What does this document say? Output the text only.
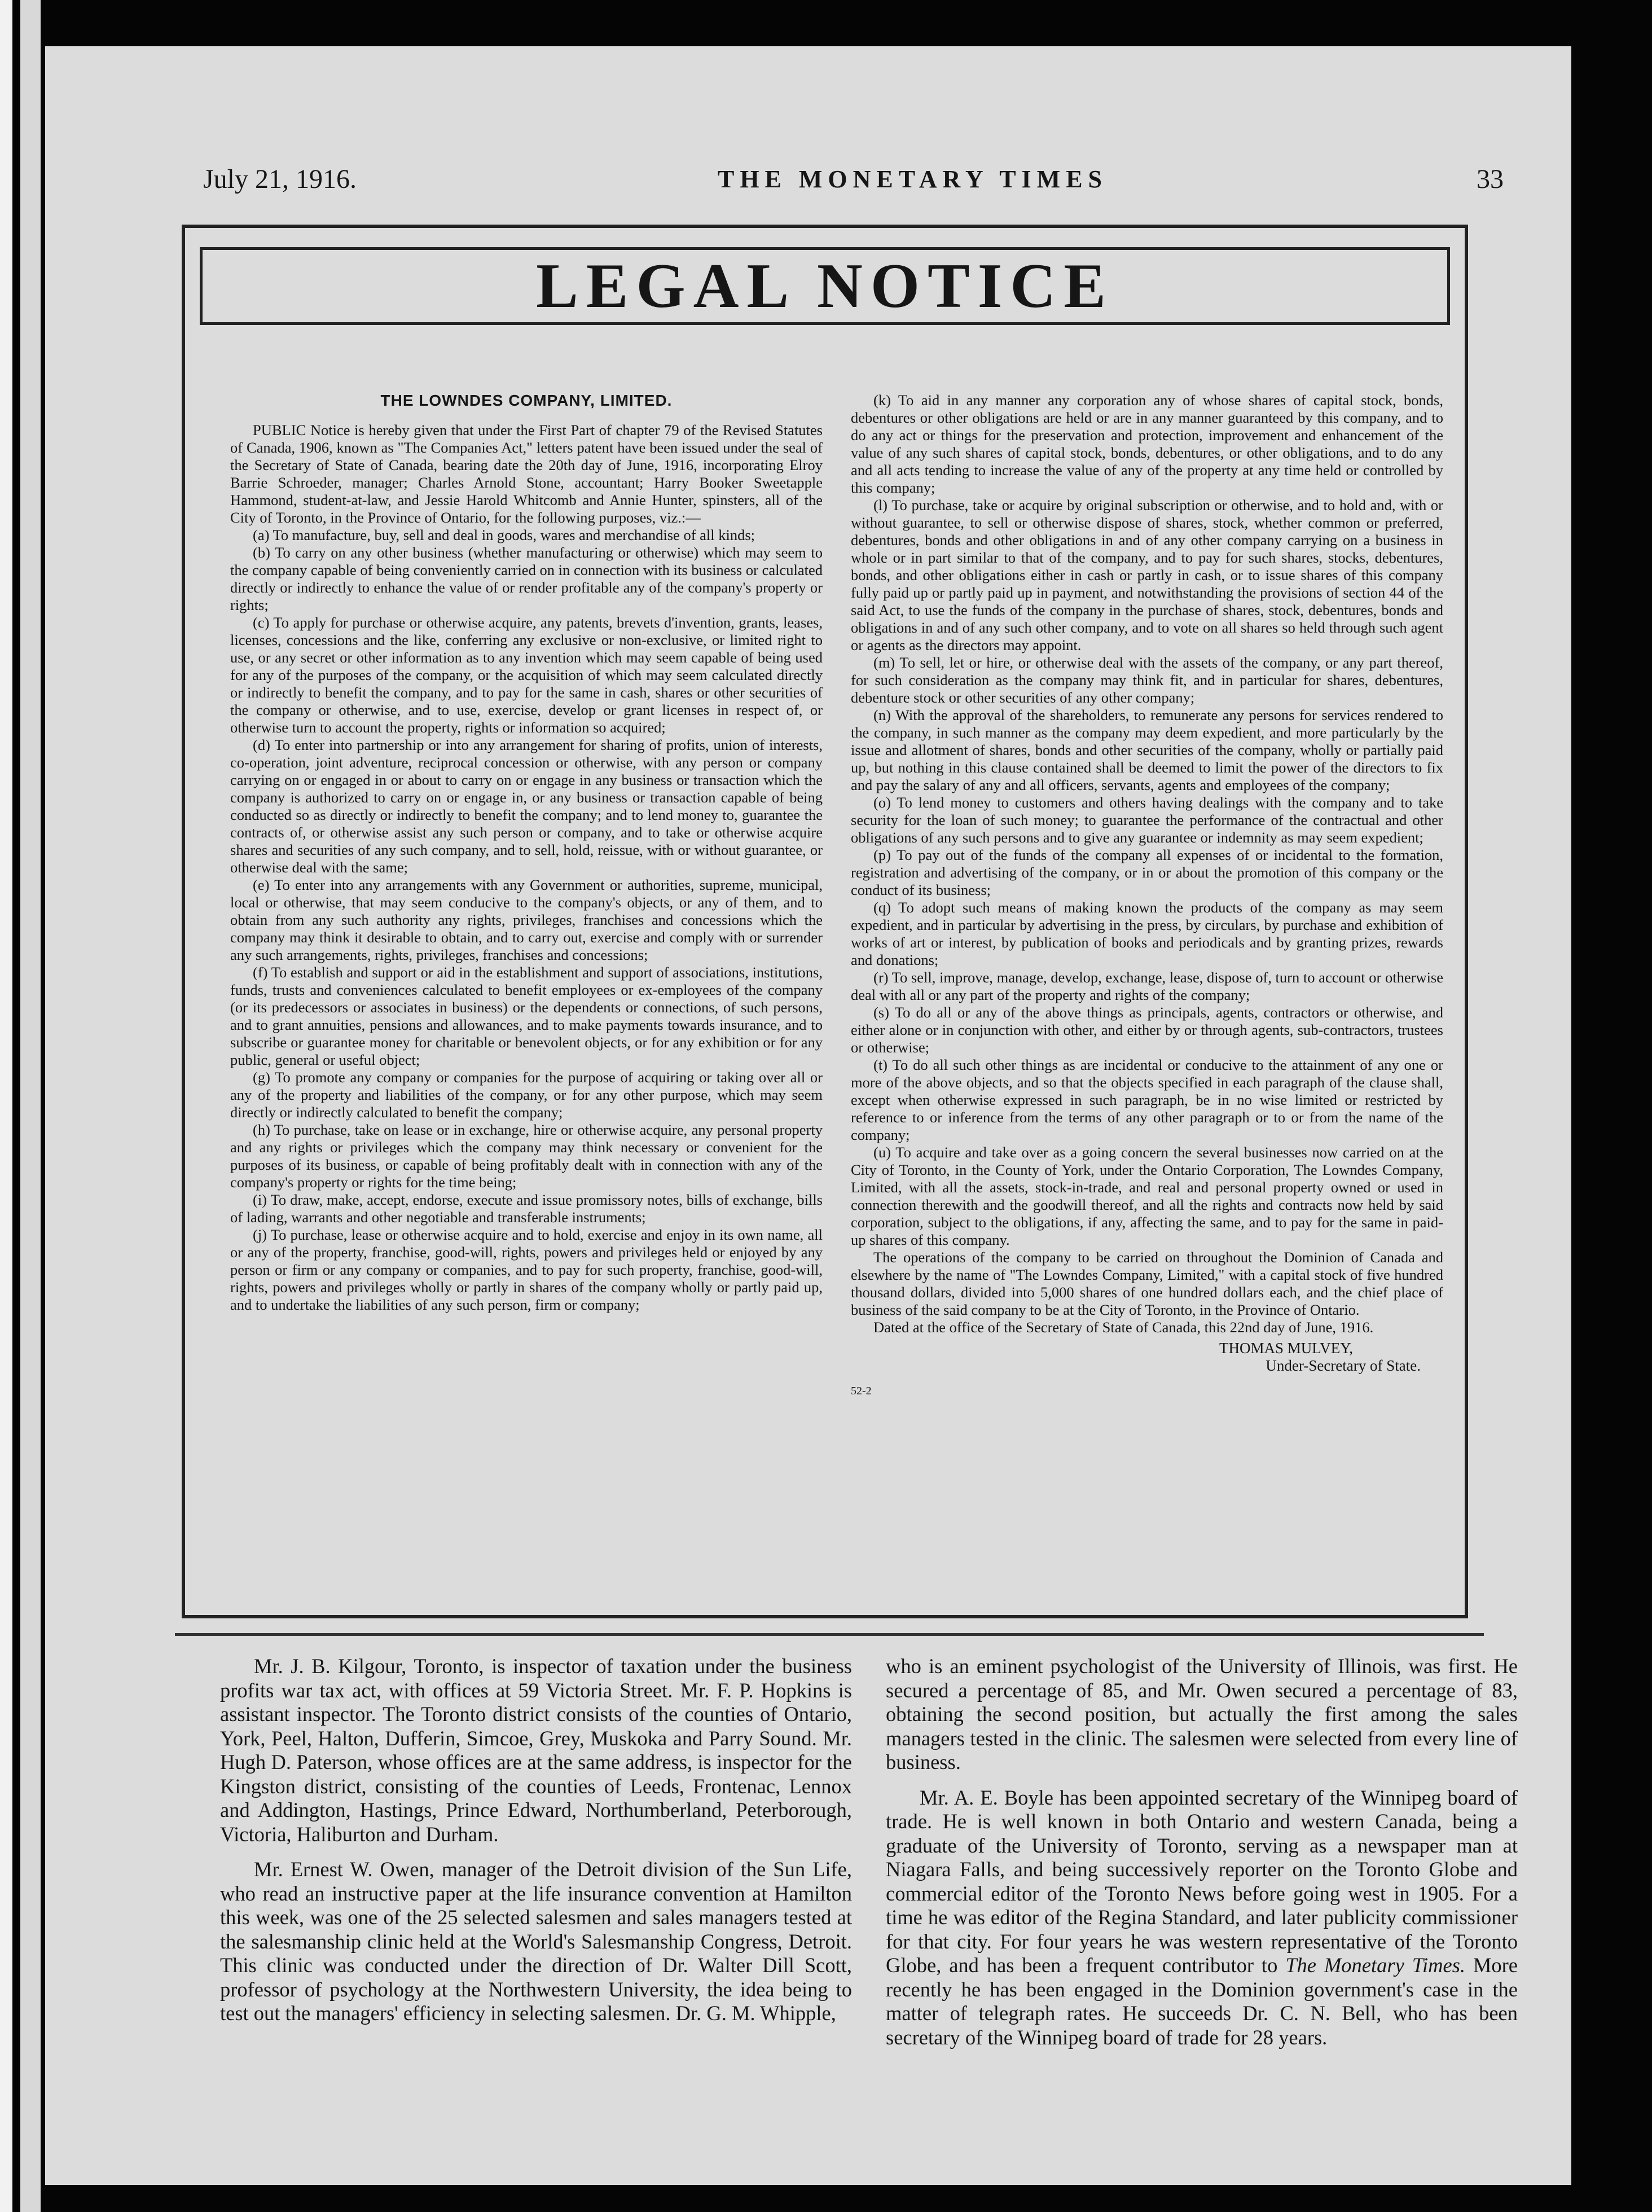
July 21, 1916.	THE MONETARY TIMES	33
LEGAL NOTICE
THE LOWNDES COMPANY, LIMITED.

PUBLIC Notice is hereby given that under the First Part of chapter 79 of the Revised Statutes of Canada, 1906, known as "The Companies Act," letters patent have been issued under the seal of the Secretary of State of Canada, bearing date the 20th day of June, 1916, incorporating Elroy Barrie Schroeder, manager; Charles Arnold Stone, accountant; Harry Booker Sweetapple Hammond, student-at-law, and Jessie Harold Whitcomb and Annie Hunter, spinsters, all of the City of Toronto, in the Province of Ontario, for the following purposes, viz.:—

(a) To manufacture, buy, sell and deal in goods, wares and merchandise of all kinds;

(b) To carry on any other business (whether manufacturing or otherwise) which may seem to the company capable of being conveniently carried on in connection with its business or calculated directly or indirectly to enhance the value of or render profitable any of the company's property or rights;

(c) To apply for purchase or otherwise acquire, any patents, brevets d'invention, grants, leases, licenses, concessions and the like, conferring any exclusive or non-exclusive, or limited right to use, or any secret or other information as to any invention which may seem capable of being used for any of the purposes of the company, or the acquisition of which may seem calculated directly or indirectly to benefit the company, and to pay for the same in cash, shares or other securities of the company or otherwise, and to use, exercise, develop or grant licenses in respect of, or otherwise turn to account the property, rights or information so acquired;

(d) To enter into partnership or into any arrangement for sharing of profits, union of interests, co-operation, joint adventure, reciprocal concession or otherwise, with any person or company carrying on or engaged in or about to carry on or engage in any business or transaction which the company is authorized to carry on or engage in, or any business or transaction capable of being conducted so as directly or indirectly to benefit the company; and to lend money to, guarantee the contracts of, or otherwise assist any such person or company, and to take or otherwise acquire shares and securities of any such company, and to sell, hold, reissue, with or without guarantee, or otherwise deal with the same;

(e) To enter into any arrangements with any Government or authorities, supreme, municipal, local or otherwise, that may seem conducive to the company's objects, or any of them, and to obtain from any such authority any rights, privileges, franchises and concessions which the company may think it desirable to obtain, and to carry out, exercise and comply with or surrender any such arrangements, rights, privileges, franchises and concessions;

(f) To establish and support or aid in the establishment and support of associations, institutions, funds, trusts and conveniences calculated to benefit employees or ex-employees of the company (or its predecessors or associates in business) or the dependents or connections, of such persons, and to grant annuities, pensions and allowances, and to make payments towards insurance, and to subscribe or guarantee money for charitable or benevolent objects, or for any exhibition or for any public, general or useful object;

(g) To promote any company or companies for the purpose of acquiring or taking over all or any of the property and liabilities of the company, or for any other purpose, which may seem directly or indirectly calculated to benefit the company;

(h) To purchase, take on lease or in exchange, hire or otherwise acquire, any personal property and any rights or privileges which the company may think necessary or convenient for the purposes of its business, or capable of being profitably dealt with in connection with any of the company's property or rights for the time being;

(i) To draw, make, accept, endorse, execute and issue promissory notes, bills of exchange, bills of lading, warrants and other negotiable and transferable instruments;

(j) To purchase, lease or otherwise acquire and to hold, exercise and enjoy in its own name, all or any of the property, franchise, good-will, rights, powers and privileges held or enjoyed by any person or firm or any company or companies, and to pay for such property, franchise, good-will, rights, powers and privileges wholly or partly in shares of the company wholly or partly paid up, and to undertake the liabilities of any such person, firm or company;

(k) To aid in any manner any corporation any of whose shares of capital stock, bonds, debentures or other obligations are held or are in any manner guaranteed by this company, and to do any act or things for the preservation and protection, improvement and enhancement of the value of any such shares of capital stock, bonds, debentures, or other obligations, and to do any and all acts tending to increase the value of any of the property at any time held or controlled by this company;

(l) To purchase, take or acquire by original subscription or otherwise, and to hold and, with or without guarantee, to sell or otherwise dispose of shares, stock, whether common or preferred, debentures, bonds and other obligations in and of any other company carrying on a business in whole or in part similar to that of the company, and to pay for such shares, stocks, debentures, bonds, and other obligations either in cash or partly in cash, or to issue shares of this company fully paid up or partly paid up in payment, and notwithstanding the provisions of section 44 of the said Act, to use the funds of the company in the purchase of shares, stock, debentures, bonds and obligations in and of any such other company, and to vote on all shares so held through such agent or agents as the directors may appoint.

(m) To sell, let or hire, or otherwise deal with the assets of the company, or any part thereof, for such consideration as the company may think fit, and in particular for shares, debentures, debenture stock or other securities of any other company;

(n) With the approval of the shareholders, to remunerate any persons for services rendered to the company, in such manner as the company may deem expedient, and more particularly by the issue and allotment of shares, bonds and other securities of the company, wholly or partially paid up, but nothing in this clause contained shall be deemed to limit the power of the directors to fix and pay the salary of any and all officers, servants, agents and employees of the company;

(o) To lend money to customers and others having dealings with the company and to take security for the loan of such money; to guarantee the performance of the contractual and other obligations of any such persons and to give any guarantee or indemnity as may seem expedient;

(p) To pay out of the funds of the company all expenses of or incidental to the formation, registration and advertising of the company, or in or about the promotion of this company or the conduct of its business;

(q) To adopt such means of making known the products of the company as may seem expedient, and in particular by advertising in the press, by circulars, by purchase and exhibition of works of art or interest, by publication of books and periodicals and by granting prizes, rewards and donations;

(r) To sell, improve, manage, develop, exchange, lease, dispose of, turn to account or otherwise deal with all or any part of the property and rights of the company;

(s) To do all or any of the above things as principals, agents, contractors or otherwise, and either alone or in conjunction with other, and either by or through agents, sub-contractors, trustees or otherwise;

(t) To do all such other things as are incidental or conducive to the attainment of any one or more of the above objects, and so that the objects specified in each paragraph of the clause shall, except when otherwise expressed in such paragraph, be in no wise limited or restricted by reference to or inference from the terms of any other paragraph or to or from the name of the company;

(u) To acquire and take over as a going concern the several businesses now carried on at the City of Toronto, in the County of York, under the Ontario Corporation, The Lowndes Company, Limited, with all the assets, stock-in-trade, and real and personal property owned or used in connection therewith and the goodwill thereof, and all the rights and contracts now held by said corporation, subject to the obligations, if any, affecting the same, and to pay for the same in paid-up shares of this company.

The operations of the company to be carried on throughout the Dominion of Canada and elsewhere by the name of "The Lowndes Company, Limited," with a capital stock of five hundred thousand dollars, divided into 5,000 shares of one hundred dollars each, and the chief place of business of the said company to be at the City of Toronto, in the Province of Ontario.

Dated at the office of the Secretary of State of Canada, this 22nd day of June, 1916.

THOMAS MULVEY,
Under-Secretary of State.
52-2

Mr. J. B. Kilgour, Toronto, is inspector of taxation under the business profits war tax act, with offices at 59 Victoria Street. Mr. F. P. Hopkins is assistant inspector. The Toronto district consists of the counties of Ontario, York, Peel, Halton, Dufferin, Simcoe, Grey, Muskoka and Parry Sound. Mr. Hugh D. Paterson, whose offices are at the same address, is inspector for the Kingston district, consisting of the counties of Leeds, Frontenac, Lennox and Addington, Hastings, Prince Edward, Northumberland, Peterborough, Victoria, Haliburton and Durham.

Mr. Ernest W. Owen, manager of the Detroit division of the Sun Life, who read an instructive paper at the life insurance convention at Hamilton this week, was one of the 25 selected salesmen and sales managers tested at the salesmanship clinic held at the World's Salesmanship Congress, Detroit. This clinic was conducted under the direction of Dr. Walter Dill Scott, professor of psychology at the Northwestern University, the idea being to test out the managers' efficiency in selecting salesmen. Dr. G. M. Whipple,

who is an eminent psychologist of the University of Illinois, was first. He secured a percentage of 85, and Mr. Owen secured a percentage of 83, obtaining the second position, but actually the first among the sales managers tested in the clinic. The salesmen were selected from every line of business.

Mr. A. E. Boyle has been appointed secretary of the Winnipeg board of trade. He is well known in both Ontario and western Canada, being a graduate of the University of Toronto, serving as a newspaper man at Niagara Falls, and being successively reporter on the Toronto Globe and commercial editor of the Toronto News before going west in 1905. For a time he was editor of the Regina Standard, and later publicity commissioner for that city. For four years he was western representative of the Toronto Globe, and has been a frequent contributor to The Monetary Times. More recently he has been engaged in the Dominion government's case in the matter of telegraph rates. He succeeds Dr. C. N. Bell, who has been secretary of the Winnipeg board of trade for 28 years.
